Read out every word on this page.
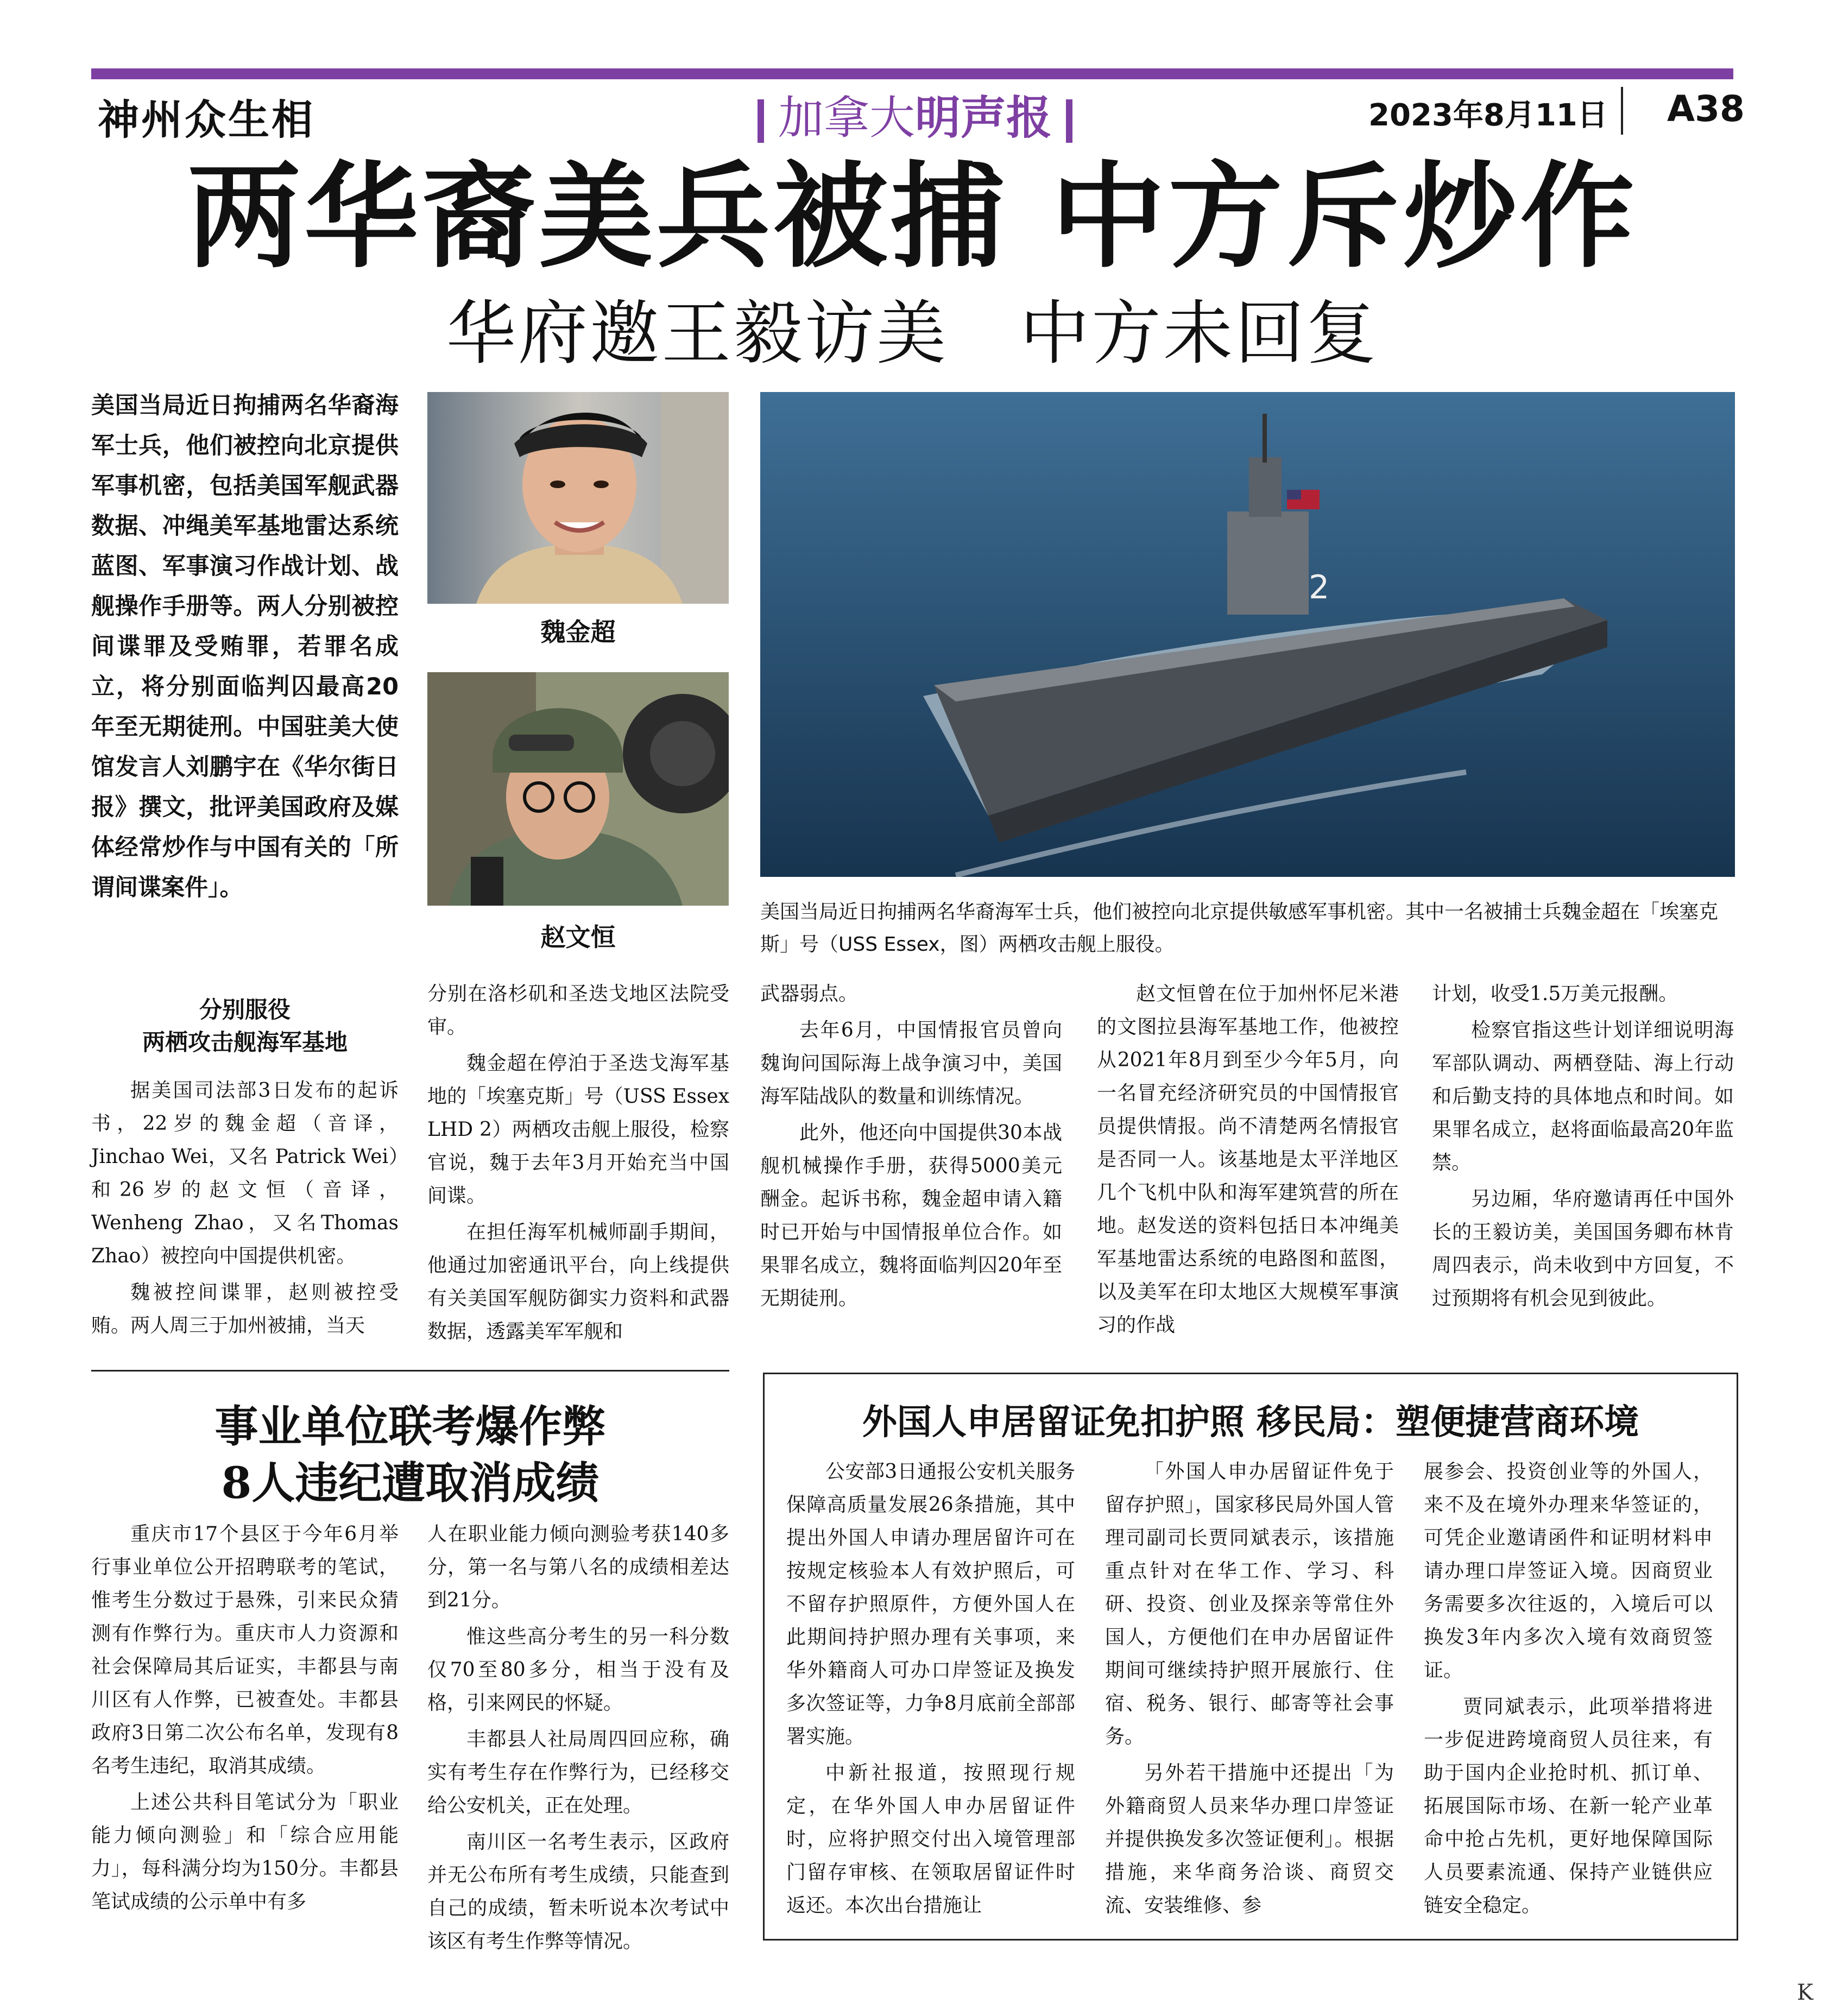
神州众生相	加拿大明声报	2023年8月11日 A38
两华裔美兵被捕 中方斥炒作
华府邀王毅访美　中方未回复
美国当局近日拘捕两名华裔海军士兵，他们被控向北京提供军事机密，包括美国军舰武器数据、冲绳美军基地雷达系统蓝图、军事演习作战计划、战舰操作手册等。两人分别被控间谍罪及受贿罪，若罪名成立，将分别面临判囚最高20年至无期徒刑。中国驻美大使馆发言人刘鹏宇在《华尔街日报》撰文，批评美国政府及媒体经常炒作与中国有关的「所谓间谍案件」。
魏金超
赵文恒
2
美国当局近日拘捕两名华裔海军士兵，他们被控向北京提供敏感军事机密。其中一名被捕士兵魏金超在「埃塞克斯」号（USS Essex，图）两栖攻击舰上服役。
分别服役
两栖攻击舰海军基地

据美国司法部3日发布的起诉书，22岁的魏金超（音译，Jinchao Wei，又名 Patrick Wei）和26岁的赵文恒（音译，Wenheng Zhao，又名Thomas Zhao）被控向中国提供机密。

魏被控间谍罪，赵则被控受贿。两人周三于加州被捕，当天

分别在洛杉矶和圣迭戈地区法院受审。

魏金超在停泊于圣迭戈海军基地的「埃塞克斯」号（USS Essex LHD 2）两栖攻击舰上服役，检察官说，魏于去年3月开始充当中国间谍。

在担任海军机械师副手期间，他通过加密通讯平台，向上线提供有关美国军舰防御实力资料和武器数据，透露美军军舰和

武器弱点。

去年6月，中国情报官员曾向魏询问国际海上战争演习中，美国海军陆战队的数量和训练情况。

此外，他还向中国提供30本战舰机械操作手册，获得5000美元酬金。起诉书称，魏金超申请入籍时已开始与中国情报单位合作。如果罪名成立，魏将面临判囚20年至无期徒刑。

赵文恒曾在位于加州怀尼米港的文图拉县海军基地工作，他被控从2021年8月到至少今年5月，向一名冒充经济研究员的中国情报官员提供情报。尚不清楚两名情报官是否同一人。该基地是太平洋地区几个飞机中队和海军建筑营的所在地。赵发送的资料包括日本冲绳美军基地雷达系统的电路图和蓝图，以及美军在印太地区大规模军事演习的作战

计划，收受1.5万美元报酬。

检察官指这些计划详细说明海军部队调动、两栖登陆、海上行动和后勤支持的具体地点和时间。如果罪名成立，赵将面临最高20年监禁。

另边厢，华府邀请再任中国外长的王毅访美，美国国务卿布林肯周四表示，尚未收到中方回复，不过预期将有机会见到彼此。

事业单位联考爆作弊
8人违纪遭取消成绩

重庆市17个县区于今年6月举行事业单位公开招聘联考的笔试，惟考生分数过于悬殊，引来民众猜测有作弊行为。重庆市人力资源和社会保障局其后证实，丰都县与南川区有人作弊，已被查处。丰都县政府3日第二次公布名单，发现有8名考生违纪，取消其成绩。

上述公共科目笔试分为「职业能力倾向测验」和「综合应用能力」，每科满分均为150分。丰都县笔试成绩的公示单中有多

人在职业能力倾向测验考获140多分，第一名与第八名的成绩相差达到21分。

惟这些高分考生的另一科分数仅70至80多分，相当于没有及格，引来网民的怀疑。

丰都县人社局周四回应称，确实有考生存在作弊行为，已经移交给公安机关，正在处理。

南川区一名考生表示，区政府并无公布所有考生成绩，只能查到自己的成绩，暂未听说本次考试中该区有考生作弊等情况。

外国人申居留证免扣护照 移民局：塑便捷营商环境

公安部3日通报公安机关服务保障高质量发展26条措施，其中提出外国人申请办理居留许可在按规定核验本人有效护照后，可不留存护照原件，方便外国人在此期间持护照办理有关事项，来华外籍商人可办口岸签证及换发多次签证等，力争8月底前全部部署实施。

中新社报道，按照现行规定，在华外国人申办居留证件时，应将护照交付出入境管理部门留存审核、在领取居留证件时返还。本次出台措施让

「外国人申办居留证件免于留存护照」，国家移民局外国人管理司副司长贾同斌表示，该措施重点针对在华工作、学习、科研、投资、创业及探亲等常住外国人，方便他们在申办居留证件期间可继续持护照开展旅行、住宿、税务、银行、邮寄等社会事务。

另外若干措施中还提出「为外籍商贸人员来华办理口岸签证并提供换发多次签证便利」。根据措施，来华商务洽谈、商贸交流、安装维修、参

展参会、投资创业等的外国人，来不及在境外办理来华签证的，可凭企业邀请函件和证明材料申请办理口岸签证入境。因商贸业务需要多次往返的，入境后可以换发3年内多次入境有效商贸签证。

贾同斌表示，此项举措将进一步促进跨境商贸人员往来，有助于国内企业抢时机、抓订单、拓展国际市场、在新一轮产业革命中抢占先机，更好地保障国际人员要素流通、保持产业链供应链安全稳定。

K
